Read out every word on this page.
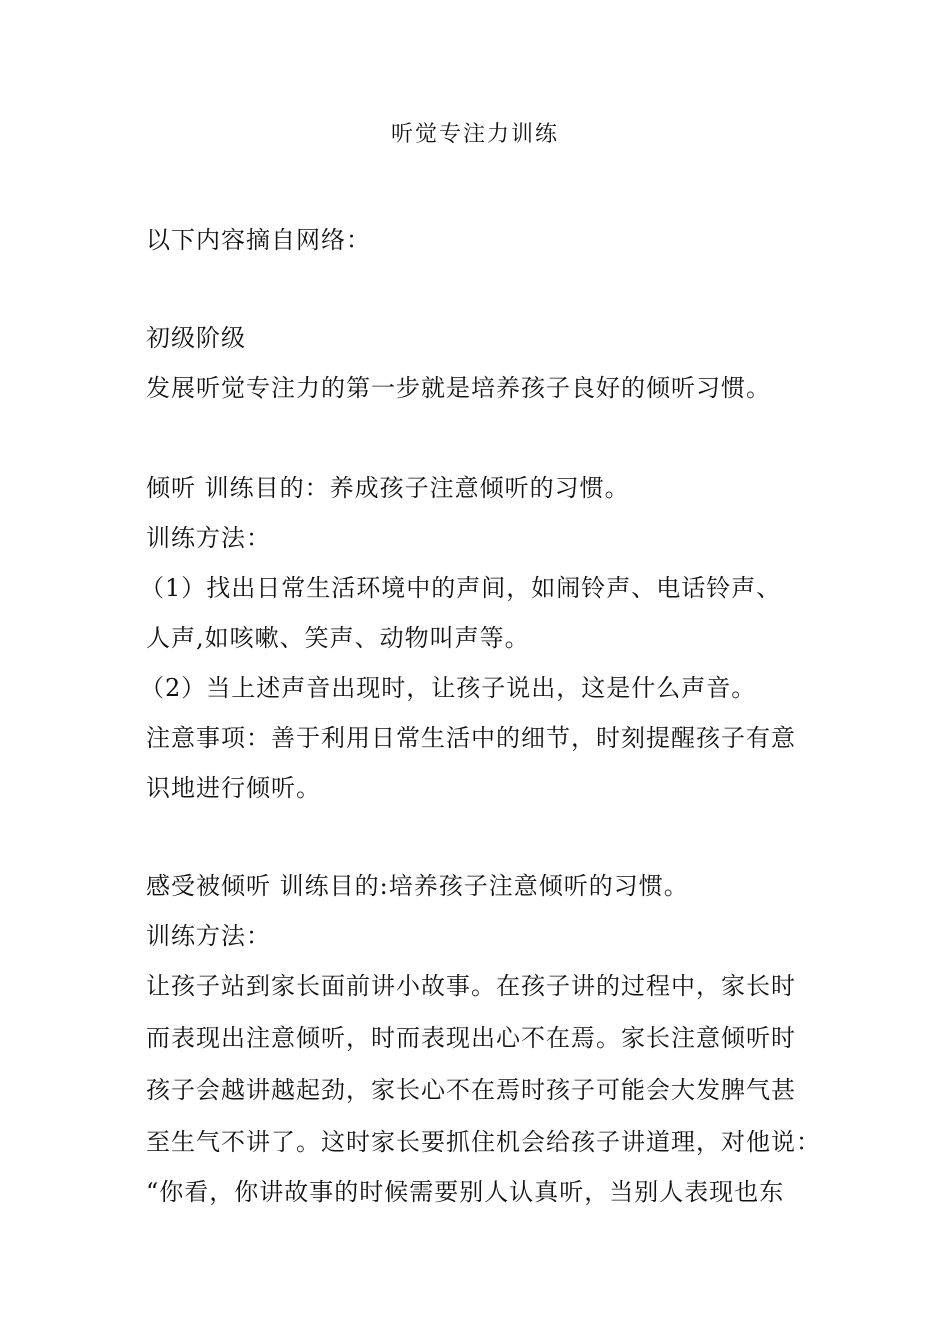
听觉专注力训练
以下内容摘自网络：
初级阶级
发展听觉专注力的第一步就是培养孩子良好的倾听习惯。
倾听 训练目的：养成孩子注意倾听的习惯。
训练方法：
（1）找出日常生活环境中的声间，如闹铃声、电话铃声、
人声,如咳嗽、笑声、动物叫声等。
（2）当上述声音出现时，让孩子说出，这是什么声音。
注意事项：善于利用日常生活中的细节，时刻提醒孩子有意
识地进行倾听。
感受被倾听 训练目的:培养孩子注意倾听的习惯。
训练方法：
让孩子站到家长面前讲小故事。在孩子讲的过程中，家长时
而表现出注意倾听，时而表现出心不在焉。家长注意倾听时
孩子会越讲越起劲，家长心不在焉时孩子可能会大发脾气甚
至生气不讲了。这时家长要抓住机会给孩子讲道理，对他说：
“你看，你讲故事的时候需要别人认真听，当别人表现也东
